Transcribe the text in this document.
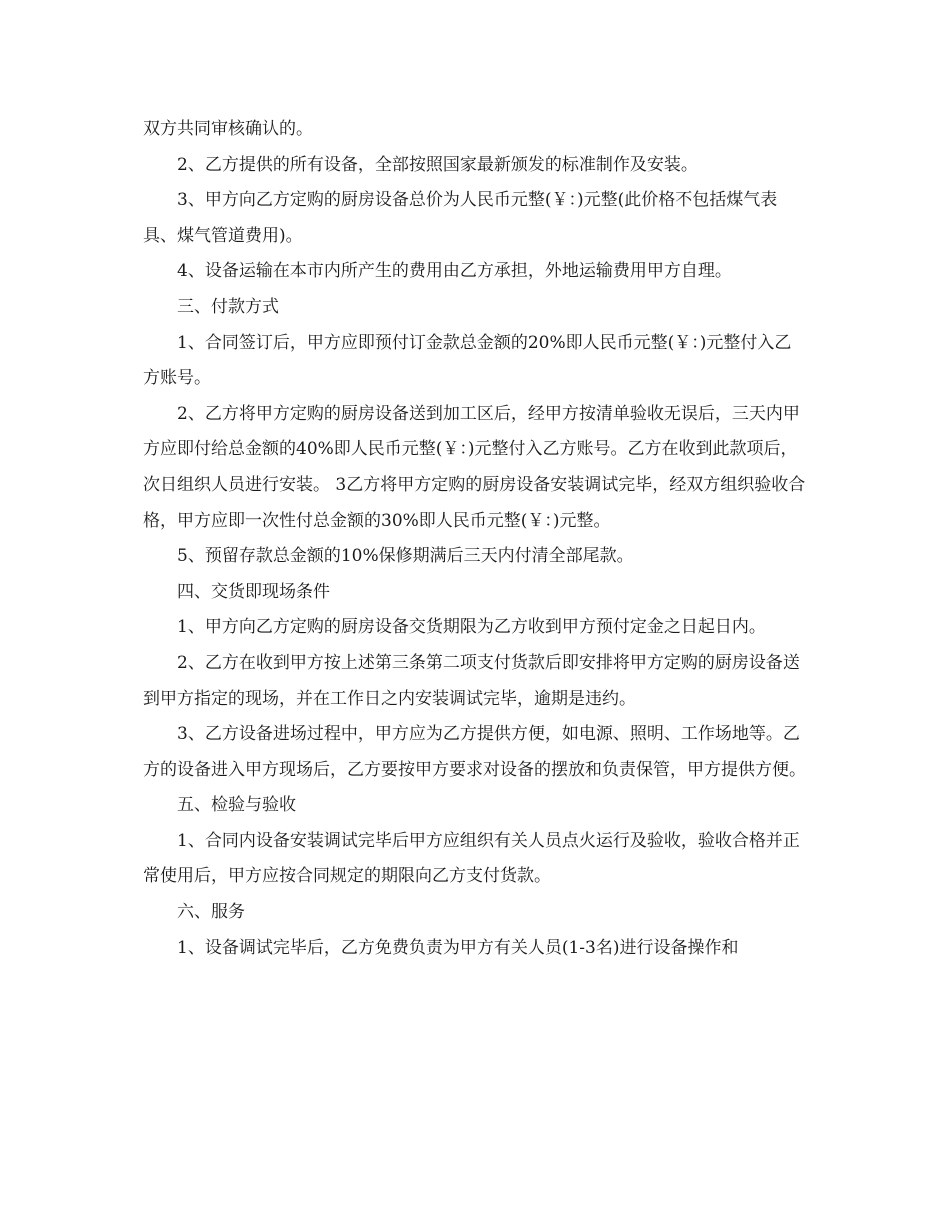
双方共同审核确认的。

2、乙方提供的所有设备，全部按照国家最新颁发的标准制作及安装。

3、甲方向乙方定购的厨房设备总价为人民币元整(￥：)元整(此价格不包括煤气表具、煤气管道费用)。

4、设备运输在本市内所产生的费用由乙方承担，外地运输费用甲方自理。

三、付款方式

1、合同签订后，甲方应即预付订金款总金额的20%即人民币元整(￥：)元整付入乙方账号。

2、乙方将甲方定购的厨房设备送到加工区后，经甲方按清单验收无误后，三天内甲方应即付给总金额的40%即人民币元整(￥：)元整付入乙方账号。乙方在收到此款项后，次日组织人员进行安装。 3乙方将甲方定购的厨房设备安装调试完毕，经双方组织验收合格，甲方应即一次性付总金额的30%即人民币元整(￥：)元整。

5、预留存款总金额的10%保修期满后三天内付清全部尾款。

四、交货即现场条件

1、甲方向乙方定购的厨房设备交货期限为乙方收到甲方预付定金之日起日内。

2、乙方在收到甲方按上述第三条第二项支付货款后即安排将甲方定购的厨房设备送到甲方指定的现场，并在工作日之内安装调试完毕，逾期是违约。

3、乙方设备进场过程中，甲方应为乙方提供方便，如电源、照明、工作场地等。乙方的设备进入甲方现场后，乙方要按甲方要求对设备的摆放和负责保管，甲方提供方便。

五、检验与验收

1、合同内设备安装调试完毕后甲方应组织有关人员点火运行及验收，验收合格并正常使用后，甲方应按合同规定的期限向乙方支付货款。

六、服务

1、设备调试完毕后，乙方免费负责为甲方有关人员(1-3名)进行设备操作和
